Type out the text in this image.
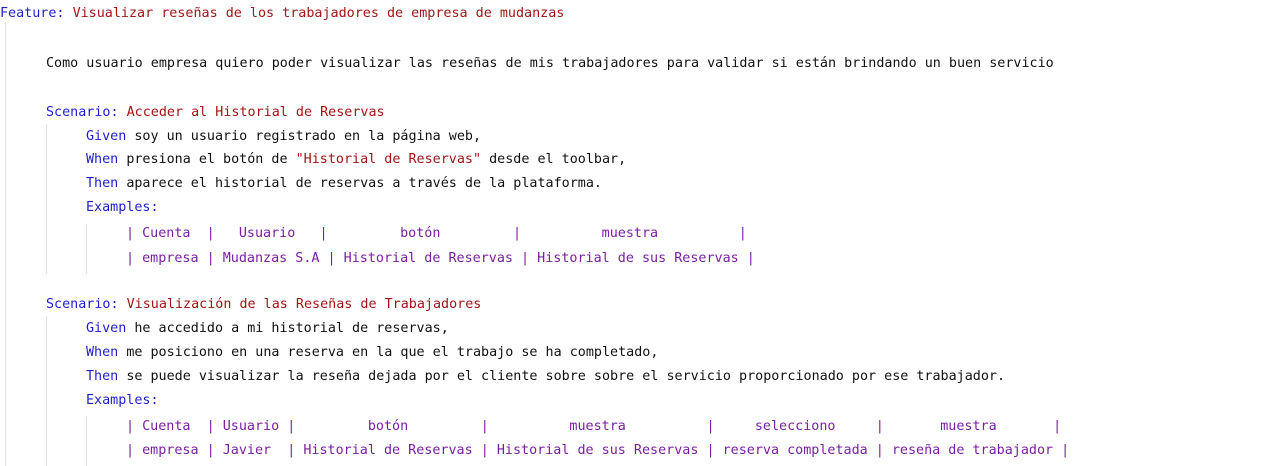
Feature: Visualizar reseñas de los trabajadores de empresa de mudanzas
Como usuario empresa quiero poder visualizar las reseñas de mis trabajadores para validar si están brindando un buen servicio
Scenario: Acceder al Historial de Reservas
Given soy un usuario registrado en la página web,
When presiona el botón de "Historial de Reservas" desde el toolbar,
Then aparece el historial de reservas a través de la plataforma.
Examples:
| Cuenta  |   Usuario   |         botón         |          muestra          |
| empresa | Mudanzas S.A | Historial de Reservas | Historial de sus Reservas |
Scenario: Visualización de las Reseñas de Trabajadores
Given he accedido a mi historial de reservas,
When me posiciono en una reserva en la que el trabajo se ha completado,
Then se puede visualizar la reseña dejada por el cliente sobre sobre el servicio proporcionado por ese trabajador.
Examples:
| Cuenta  | Usuario |         botón         |          muestra          |     selecciono     |       muestra       |
| empresa | Javier  | Historial de Reservas | Historial de sus Reservas | reserva completada | reseña de trabajador |
